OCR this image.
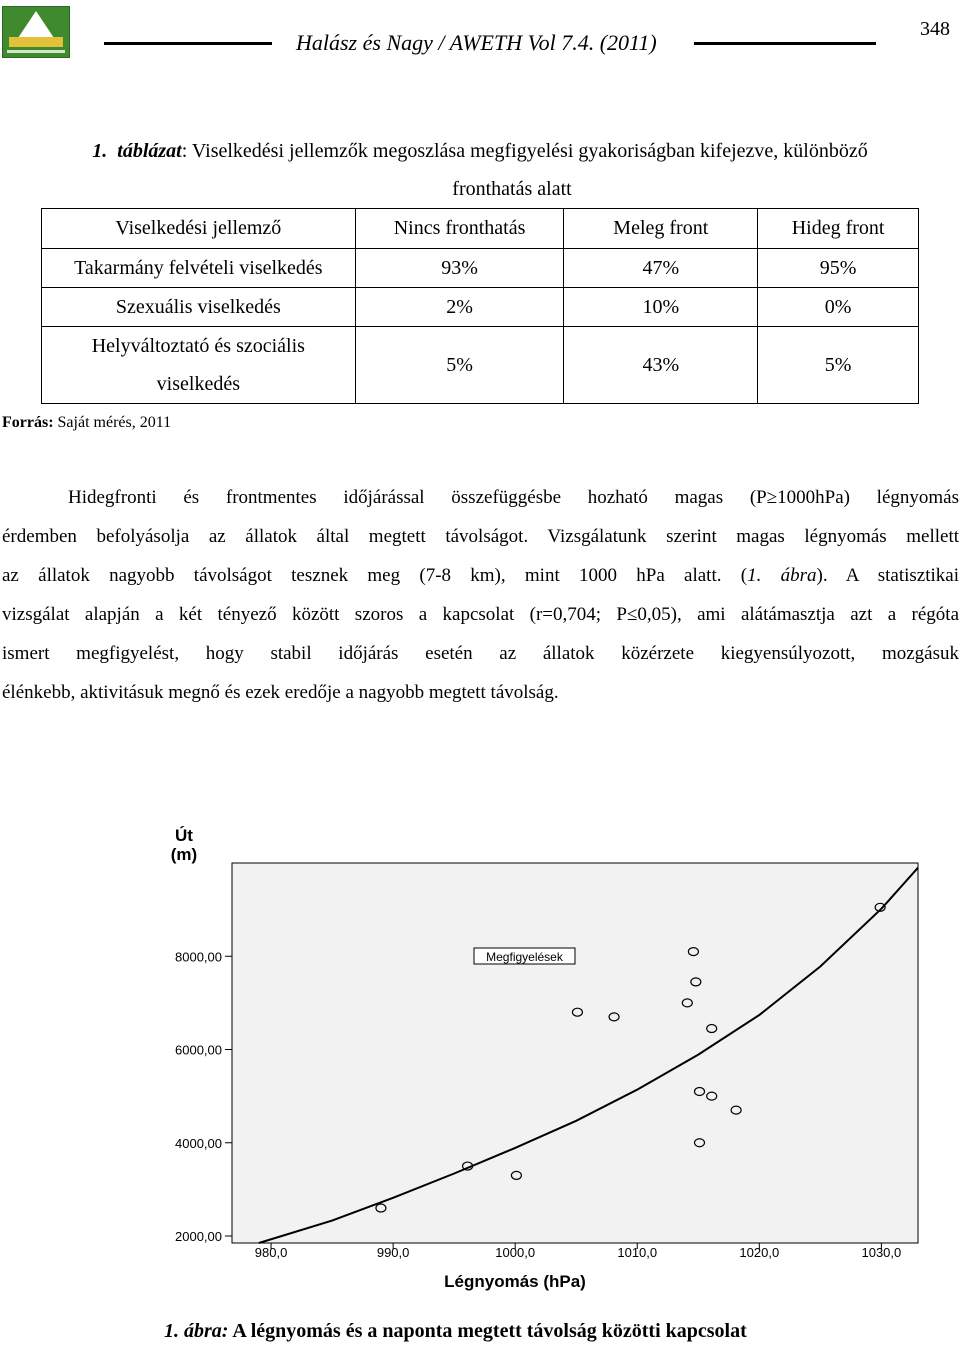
Halász és Nagy / AWETH Vol 7.4. (2011)
348
1. táblázat: Viselkedési jellemzők megoszlása megfigyelési gyakoriságban kifejezve, különböző
fronthatás alatt
Viselkedési jellemző	Nincs fronthatás	Meleg front	Hideg front
Takarmány felvételi viselkedés	93%	47%	95%
Szexuális viselkedés	2%	10%	0%
Helyváltoztató és szociális
viselkedés	5%	43%	5%
Forrás: Saját mérés, 2011
Hidegfronti és frontmentes időjárással összefüggésbe hozható magas (P≥1000hPa) légnyomás
érdemben befolyásolja az állatok által megtett távolságot. Vizsgálatunk szerint magas légnyomás mellett
az állatok nagyobb távolságot tesznek meg (7-8 km), mint 1000 hPa alatt. (1. ábra). A statisztikai
vizsgálat alapján a két tényező között szoros a kapcsolat (r=0,704; P≤0,05), ami alátámasztja azt a régóta
ismert megfigyelést, hogy stabil időjárás esetén az állatok közérzete kiegyensúlyozott, mozgásuk
élénkebb, aktivitásuk megnő és ezek eredője a nagyobb megtett távolság.
Út
(m)
2000,00
4000,00
6000,00
8000,00
980,0	990,0	1000,0	1010,0	1020,0	1030,0
Megfigyelések
Légnyomás (hPa)
1. ábra: A légnyomás és a naponta megtett távolság közötti kapcsolat
